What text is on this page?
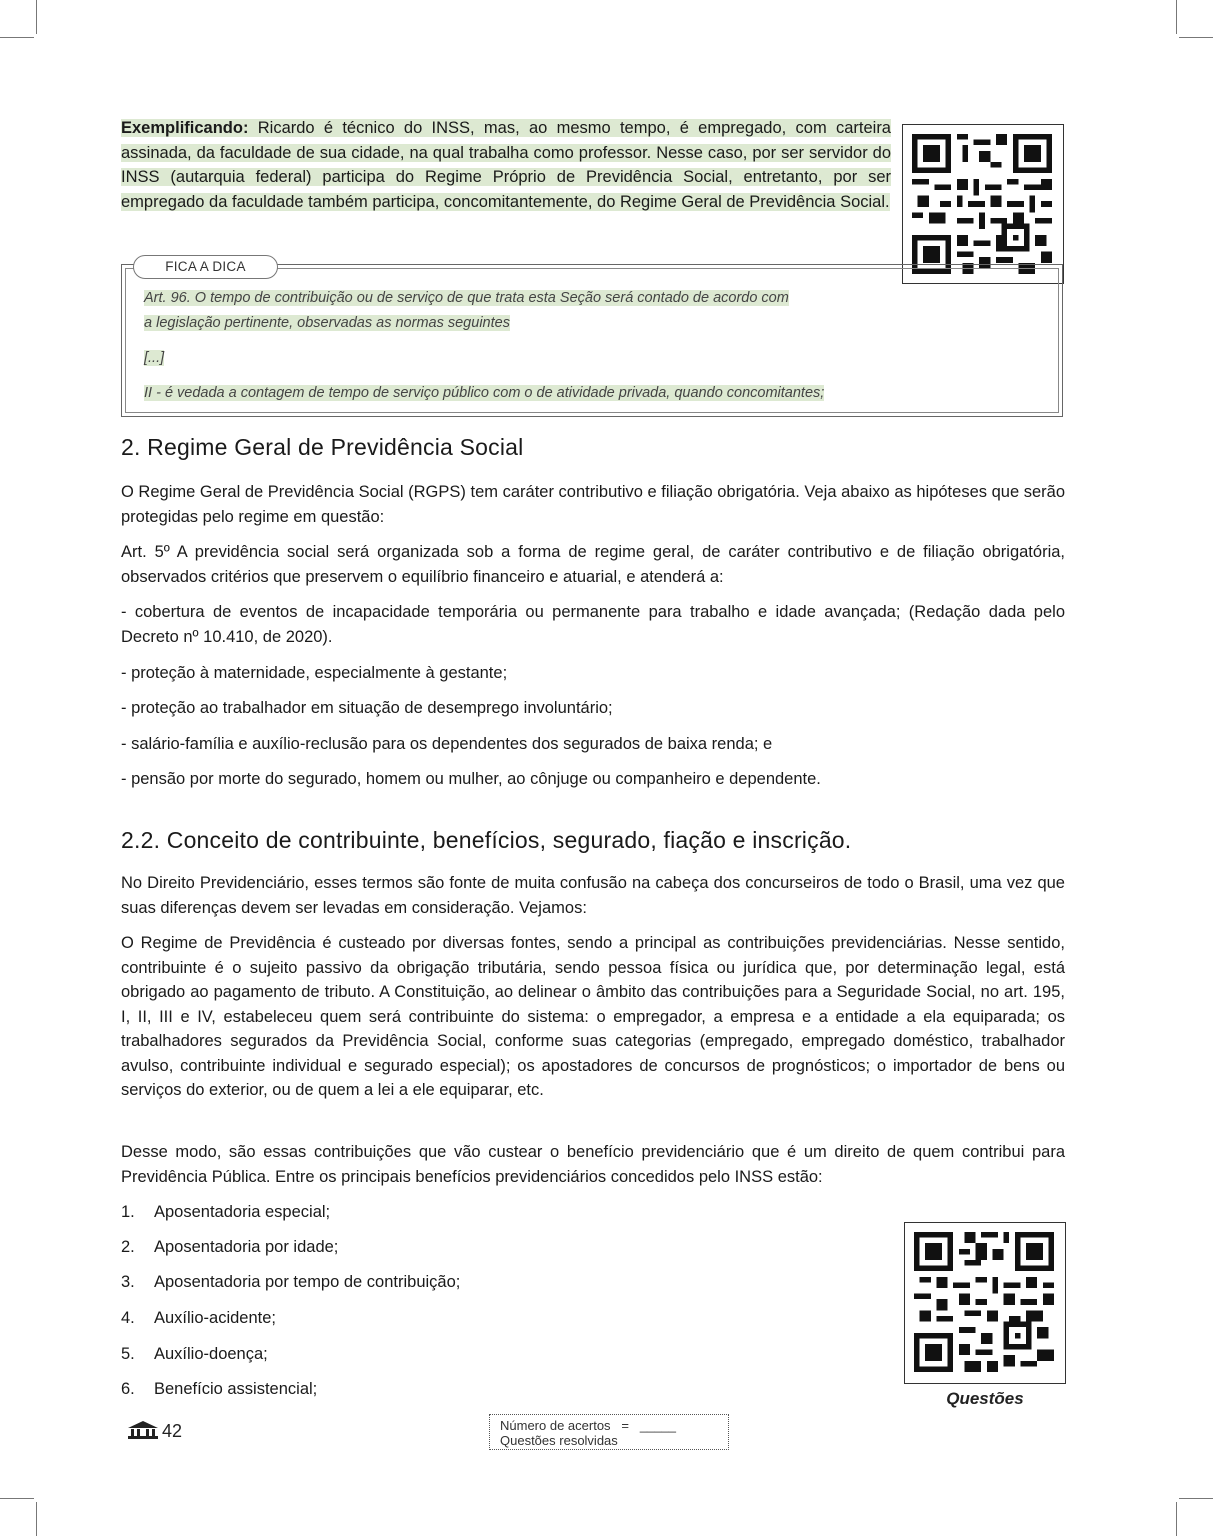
Exemplificando: Ricardo é técnico do INSS, mas, ao mesmo tempo, é empregado, com carteira assinada, da faculdade de sua cidade, na qual trabalha como professor. Nesse caso, por ser servidor do INSS (autarquia federal) participa do Regime Próprio de Previdência Social, entretanto, por ser empregado da faculdade também participa, concomitantemente, do Regime Geral de Previdência Social.

FICA A DICA
Art. 96. O tempo de contribuição ou de serviço de que trata esta Seção será contado de acordo com
a legislação pertinente, observadas as normas seguintes
[...]
II - é vedada a contagem de tempo de serviço público com o de atividade privada, quando concomitantes;
2. Regime Geral de Previdência Social

O Regime Geral de Previdência Social (RGPS) tem caráter contributivo e filiação obrigatória. Veja abaixo as hipóteses que serão protegidas pelo regime em questão:

Art. 5º A previdência social será organizada sob a forma de regime geral, de caráter contributivo e de filiação obrigatória, observados critérios que preservem o equilíbrio financeiro e atuarial, e atenderá a:

- cobertura de eventos de incapacidade temporária ou permanente para trabalho e idade avançada; (Redação dada pelo Decreto nº 10.410, de 2020).

- proteção à maternidade, especialmente à gestante;

- proteção ao trabalhador em situação de desemprego involuntário;

- salário-família e auxílio-reclusão para os dependentes dos segurados de baixa renda; e

- pensão por morte do segurado, homem ou mulher, ao cônjuge ou companheiro e dependente.

2.2. Conceito de contribuinte, benefícios, segurado, fiação e inscrição.

No Direito Previdenciário, esses termos são fonte de muita confusão na cabeça dos concurseiros de todo o Brasil, uma vez que suas diferenças devem ser levadas em consideração. Vejamos:

O Regime de Previdência é custeado por diversas fontes, sendo a principal as contribuições previdenciárias. Nesse sentido, contribuinte é o sujeito passivo da obrigação tributária, sendo pessoa física ou jurídica que, por determinação legal, está obrigado ao pagamento de tributo. A Constituição, ao delinear o âmbito das contribuições para a Seguridade Social, no art. 195, I, II, III e IV, estabeleceu quem será contribuinte do sistema: o empregador, a empresa e a entidade a ela equiparada; os trabalhadores segurados da Previdência Social, conforme suas categorias (empregado, empregado doméstico, trabalhador avulso, contribuinte individual e segurado especial); os apostadores de concursos de prognósticos; o importador de bens ou serviços do exterior, ou de quem a lei a ele equiparar, etc.

Desse modo, são essas contribuições que vão custear o benefício previdenciário que é um direito de quem contribui para Previdência Pública. Entre os principais benefícios previdenciários concedidos pelo INSS estão:

1. Aposentadoria especial;

2. Aposentadoria por idade;

3. Aposentadoria por tempo de contribuição;

4. Auxílio-acidente;

5. Auxílio-doença;

6. Benefício assistencial;	Questões
42	Número de acertos   =   _____
Questões resolvidas
